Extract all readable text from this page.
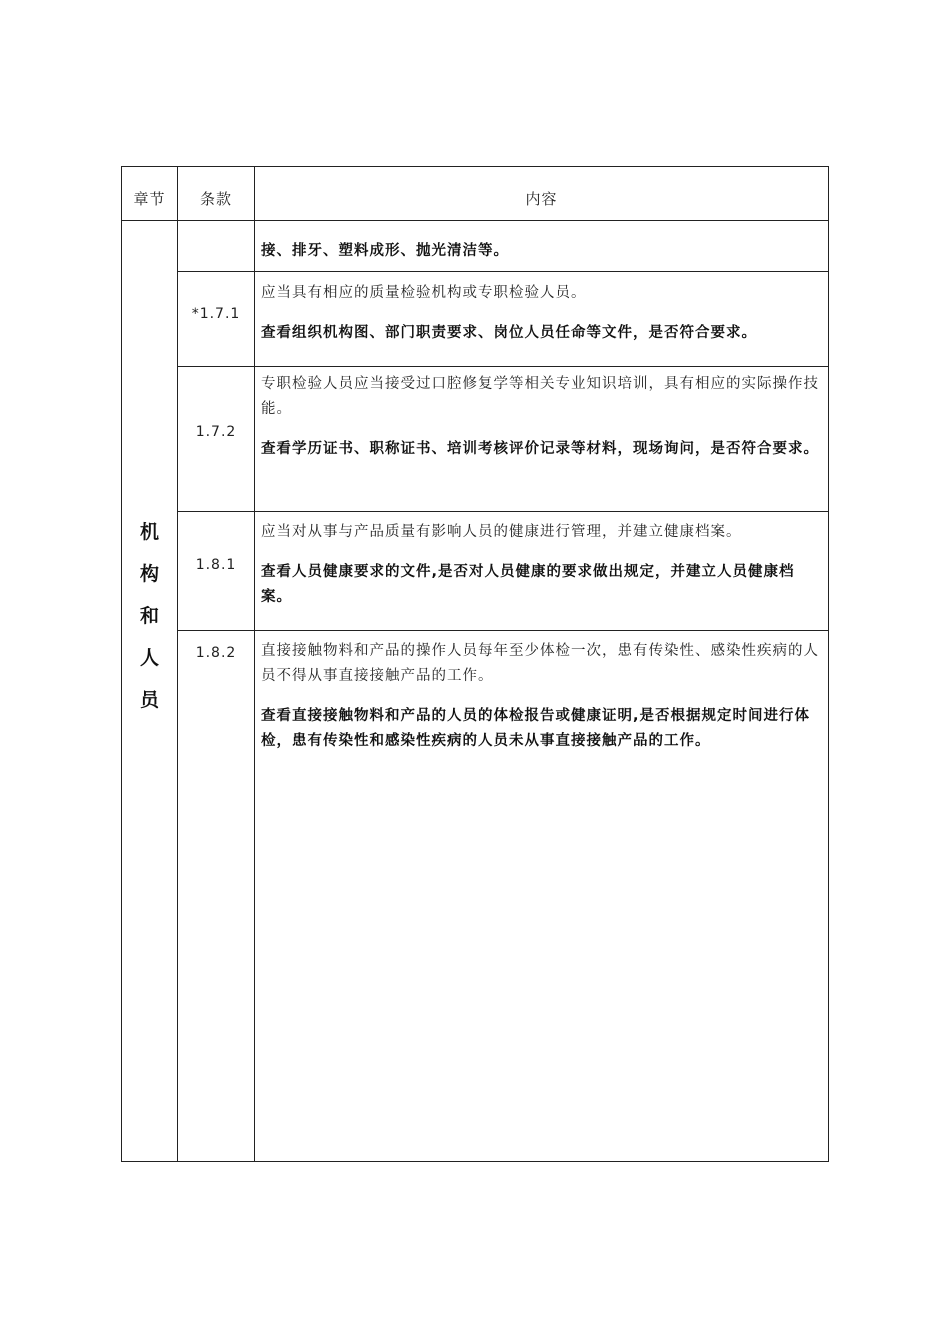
章节	条款	内容

机构和人员		接、排牙、塑料成形、抛光清洁等。

	*1.7.1	应当具有相应的质量检验机构或专职检验人员。

查看组织机构图、部门职责要求、岗位人员任命等文件，是否符合要求。

	1.7.2	专职检验人员应当接受过口腔修复学等相关专业知识培训，具有相应的实际操作技能。

查看学历证书、职称证书、培训考核评价记录等材料，现场询问，是否符合要求。

	1.8.1	应当对从事与产品质量有影响人员的健康进行管理，并建立健康档案。

查看人员健康要求的文件,是否对人员健康的要求做出规定，并建立人员健康档案。

	1.8.2	直接接触物料和产品的操作人员每年至少体检一次，患有传染性、感染性疾病的人员不得从事直接接触产品的工作。

查看直接接触物料和产品的人员的体检报告或健康证明,是否根据规定时间进行体检，患有传染性和感染性疾病的人员未从事直接接触产品的工作。
